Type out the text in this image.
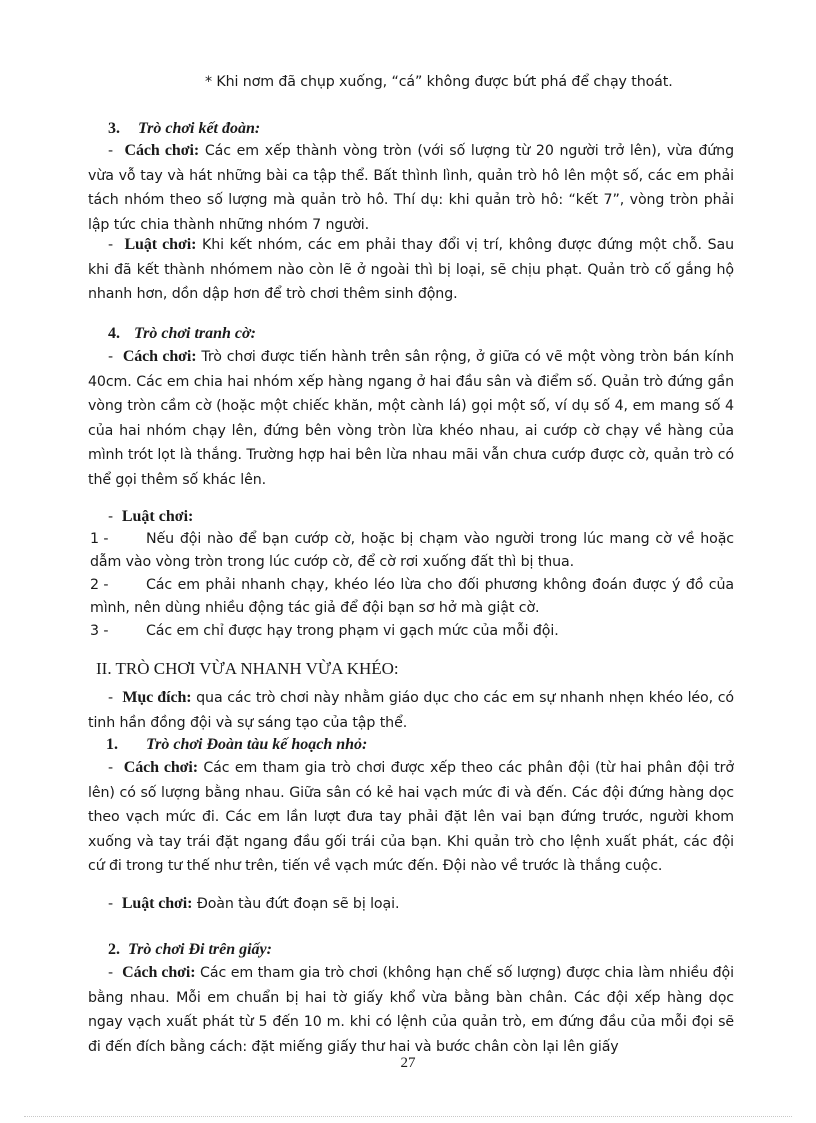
* Khi nơm đã chụp xuống, “cá” không được bứt phá để chạy thoát.
3. Trò chơi kết đoàn:
-  Cách chơi: Các em xếp thành vòng tròn (với số lượng từ 20 người trở lên), vừa đứng vừa vỗ tay và hát những bài ca tập thể. Bất thình lình, quản trò hô lên một số, các em phải tách nhóm theo số lượng mà quản trò hô. Thí dụ: khi quản trò hô: “kết 7”, vòng tròn phải lập tức chia thành những nhóm 7 người.
-  Luật chơi: Khi kết nhóm, các em phải thay đổi vị trí, không được đứng một chỗ. Sau khi đã kết thành nhómem nào còn lẽ ở ngoài thì bị loại, sẽ chịu phạt. Quản trò cố gắng hộ nhanh hơn, dồn dập hơn để trò chơi thêm sinh động.
4. Trò chơi tranh cờ:
-  Cách chơi: Trò chơi được tiến hành trên sân rộng, ở giữa có vẽ một vòng tròn bán kính 40cm. Các em chia hai nhóm xếp hàng ngang ở hai đầu sân và điểm số. Quản trò đứng gần vòng tròn cầm cờ (hoặc một chiếc khăn, một cành lá) gọi một số, ví dụ số 4, em mang số 4 của hai nhóm chạy lên, đứng bên vòng tròn lừa khéo nhau, ai cướp cờ chạy về hàng của mình trót lọt là thắng. Trường hợp hai bên lừa nhau mãi vẫn chưa cướp được cờ, quản trò có thể gọi thêm số khác lên.
-  Luật chơi:
1 -	Nếu đội nào để bạn cướp cờ, hoặc bị chạm vào người trong lúc mang cờ về hoặc dẫm vào vòng tròn trong lúc cướp cờ, để cờ rơi xuống đất thì bị thua.
2 -	Các em phải nhanh chạy, khéo léo lừa cho đối phương không đoán được ý đồ của mình, nên dùng nhiều động tác giả để đội bạn sơ hở mà giật cờ.
3 -	Các em chỉ được hạy trong phạm vi gạch mức của mỗi đội.
II. TRÒ CHƠI VỪA NHANH VỪA KHÉO:
-  Mục đích: qua các trò chơi này nhằm giáo dục cho các em sự nhanh nhẹn khéo léo, có tinh hần đồng đội và sự sáng tạo của tập thể.
1. Trò chơi Đoàn tàu kế hoạch nhỏ:
-  Cách chơi: Các em tham gia trò chơi được xếp theo các phân đội (từ hai phân đội trở lên) có số lượng bằng nhau. Giữa sân có kẻ hai vạch mức đi và đến. Các đội đứng hàng dọc theo vạch mức đi. Các em lần lượt đưa tay phải đặt lên vai bạn đứng trước, người khom xuống và tay trái đặt ngang đầu gối trái của bạn. Khi quản trò cho lệnh xuất phát, các đội cứ đi trong tư thế như trên, tiến về vạch mức đến. Đội nào về trước là thắng cuộc.
-  Luật chơi: Đoàn tàu đứt đoạn sẽ bị loại.
2. Trò chơi Đi trên giấy:
-  Cách chơi: Các em tham gia trò chơi (không hạn chế số lượng) được chia làm nhiều đội bằng nhau. Mỗi em chuẩn bị hai tờ giấy khổ vừa bằng bàn chân. Các đội xếp hàng dọc ngay vạch xuất phát từ 5 đến 10 m. khi có lệnh của quản trò, em đứng đầu của mỗi đọi sẽ đi đến đích bằng cách: đặt miếng giấy thư hai và bước chân còn lại lên giấy
27
